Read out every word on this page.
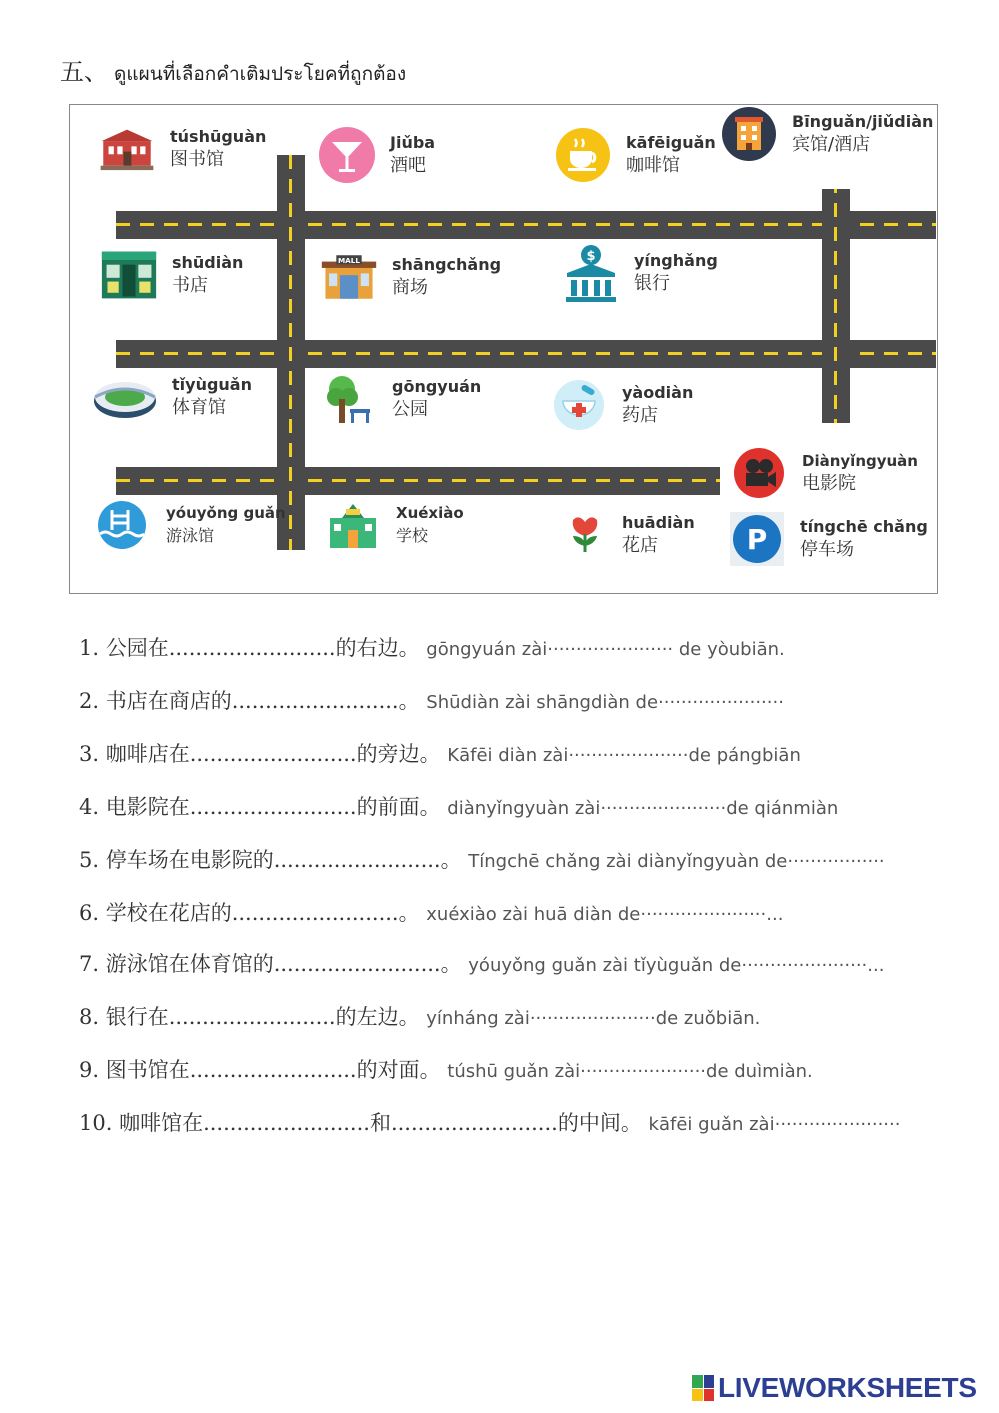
五、 ดูแผนที่เลือกคำเติมประโยคที่ถูกต้อง
túshūguàn
图书馆
Jiǔba
酒吧
kāfēiguǎn
咖啡馆
Bīnguǎn/jiǔdiàn
宾馆/酒店
shūdiàn
书店
MALL shāngchǎng
商场
$ yínghǎng
银行
tǐyùguǎn
体育馆
gōngyuán
公园
yàodiàn
药店
Diànyǐngyuàn
电影院
yóuyǒng guǎn
游泳馆
Xuéxiào
学校
huādiàn
花店	P tíngchē chǎng
停车场
1. 公园在.........................的右边。 gōngyuán zài······················ de yòubiān.
2. 书店在商店的.........................。 Shūdiàn zài shāngdiàn de······················
3. 咖啡店在.........................的旁边。 Kāfēi diàn zài·····················de pángbiān
4. 电影院在.........................的前面。 diànyǐngyuàn zài······················de qiánmiàn
5. 停车场在电影院的.........................。 Tíngchē chǎng zài diànyǐngyuàn de·················
6. 学校在花店的.........................。 xuéxiào zài huā diàn de······················...
7. 游泳馆在体育馆的.........................。 yóuyǒng guǎn zài tǐyùguǎn de······················...
8. 银行在.........................的左边。 yínháng zài······················de zuǒbiān.
9. 图书馆在.........................的对面。 túshū guǎn zài······················de duìmiàn.
10. 咖啡馆在.........................和.........................的中间。 kāfēi guǎn zài······················
LIVEWORKSHEETS
